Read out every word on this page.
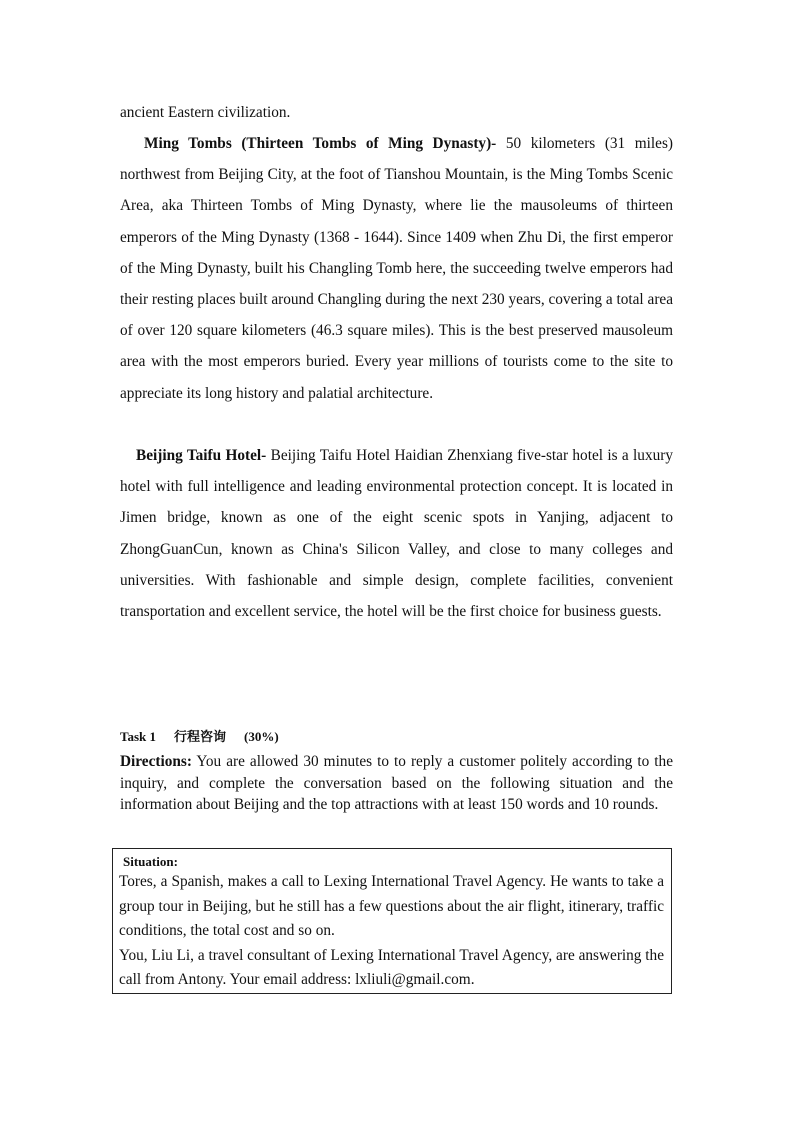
ancient Eastern civilization.

Ming Tombs (Thirteen Tombs of Ming Dynasty)- 50 kilometers (31 miles) northwest from Beijing City, at the foot of Tianshou Mountain, is the Ming Tombs Scenic Area, aka Thirteen Tombs of Ming Dynasty, where lie the mausoleums of thirteen emperors of the Ming Dynasty (1368 - 1644). Since 1409 when Zhu Di, the first emperor of the Ming Dynasty, built his Changling Tomb here, the succeeding twelve emperors had their resting places built around Changling during the next 230 years, covering a total area of over 120 square kilometers (46.3 square miles). This is the best preserved mausoleum area with the most emperors buried. Every year millions of tourists come to the site to appreciate its long history and palatial architecture.

Beijing Taifu Hotel- Beijing Taifu Hotel Haidian Zhenxiang five-star hotel is a luxury hotel with full intelligence and leading environmental protection concept. It is located in Jimen bridge, known as one of the eight scenic spots in Yanjing, adjacent to ZhongGuanCun, known as China's Silicon Valley, and close to many colleges and universities. With fashionable and simple design, complete facilities, convenient transportation and excellent service, the hotel will be the first choice for business guests.

Task 1 行程咨询 (30%)

Directions: You are allowed 30 minutes to to reply a customer politely according to the inquiry, and complete the conversation based on the following situation and the information about Beijing and the top attractions with at least 150 words and 10 rounds.

Situation:

Tores, a Spanish, makes a call to Lexing International Travel Agency. He wants to take a group tour in Beijing, but he still has a few questions about the air flight, itinerary, traffic conditions, the total cost and so on.

You, Liu Li, a travel consultant of Lexing International Travel Agency, are answering the call from Antony. Your email address: lxliuli@gmail.com.
